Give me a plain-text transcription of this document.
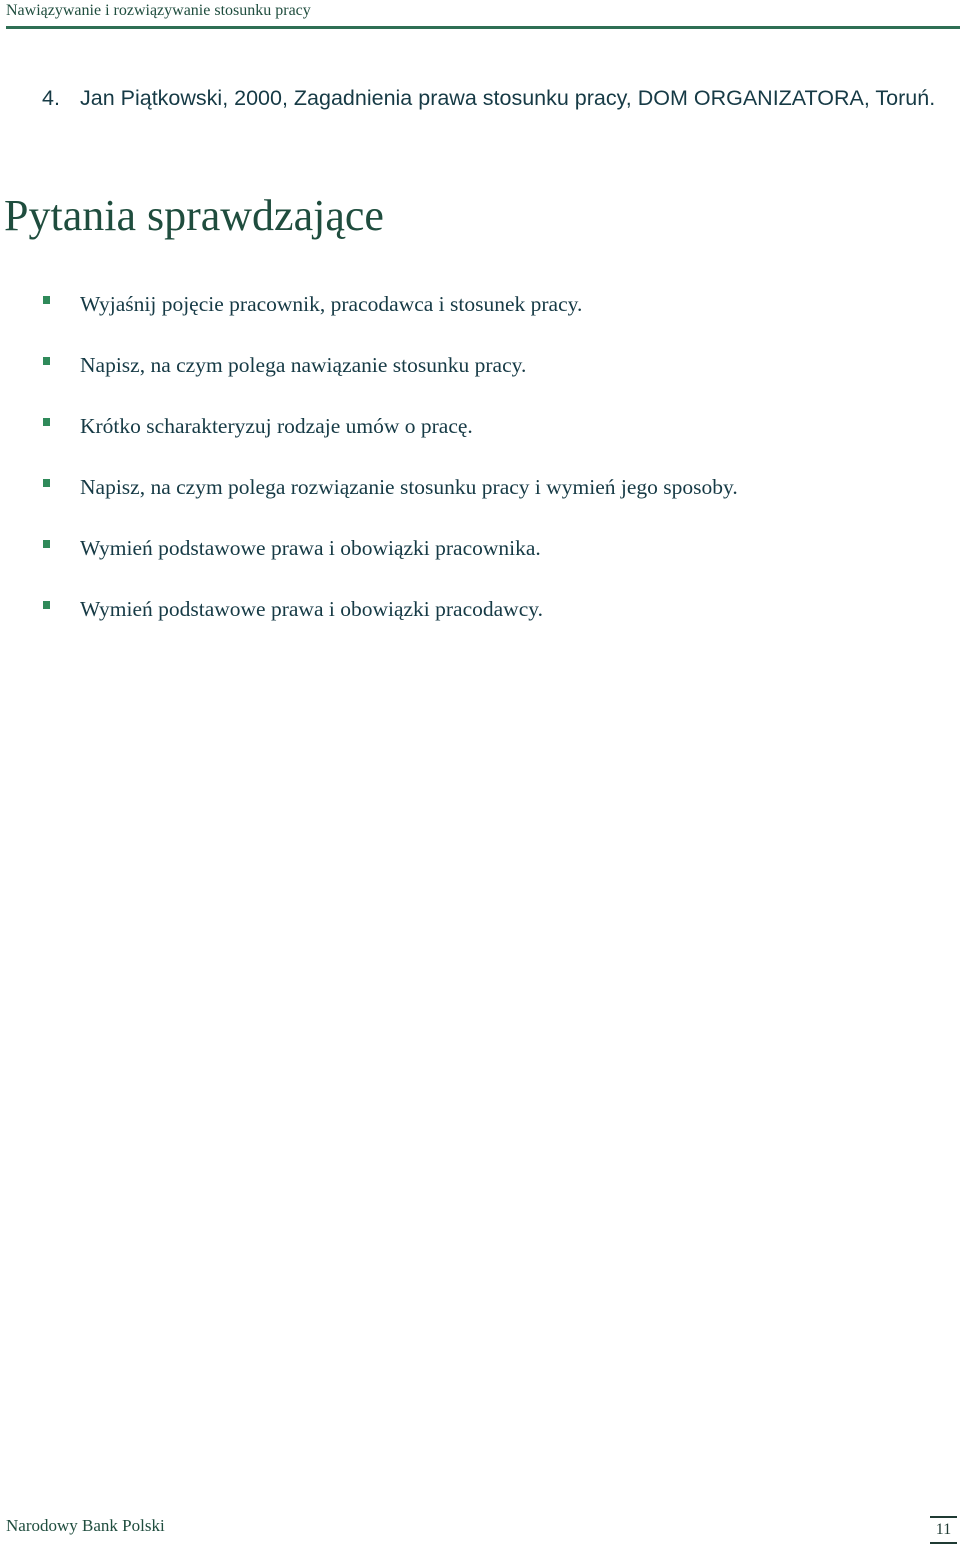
Nawiązywanie i rozwiązywanie stosunku pracy
4. Jan Piątkowski, 2000, Zagadnienia prawa stosunku pracy, DOM ORGANIZATORA, Toruń.
Pytania sprawdzające
Wyjaśnij pojęcie pracownik, pracodawca i stosunek pracy.
Napisz, na czym polega nawiązanie stosunku pracy.
Krótko scharakteryzuj rodzaje umów o pracę.
Napisz, na czym polega rozwiązanie stosunku pracy i wymień jego sposoby.
Wymień podstawowe prawa i obowiązki pracownika.
Wymień podstawowe prawa i obowiązki pracodawcy.
Narodowy Bank Polski	11
